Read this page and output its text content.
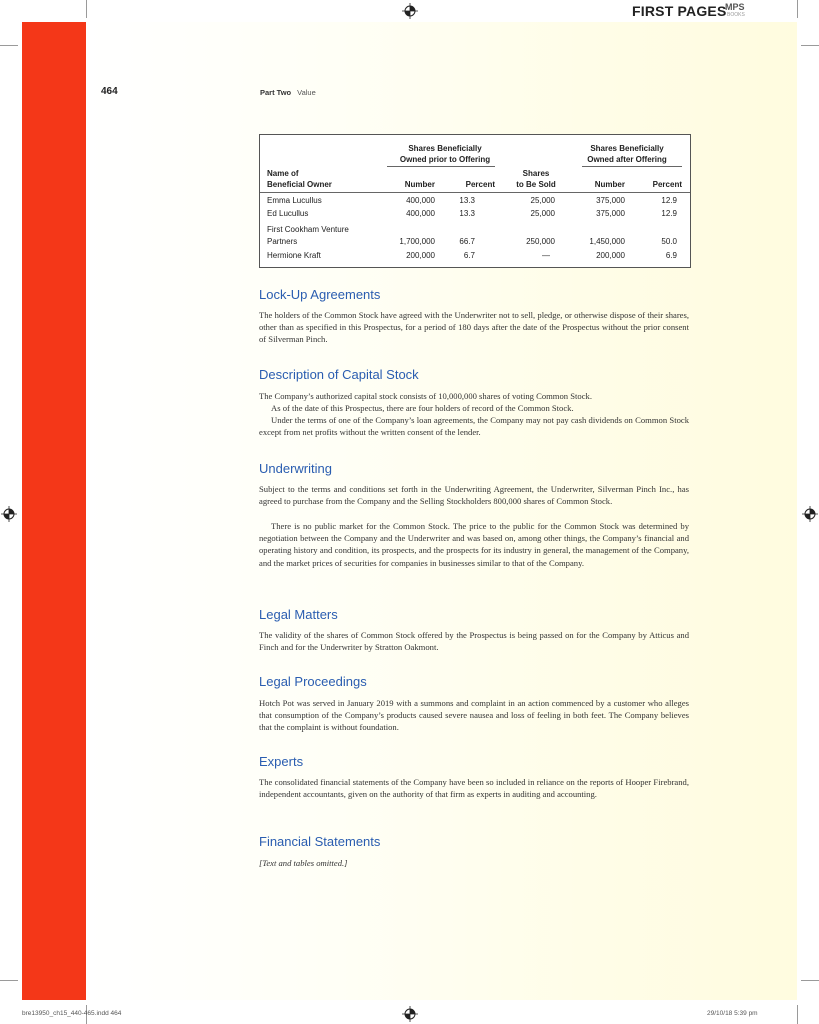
FIRST PAGES
MPS
BOOKS
464	Part Two Value
Shares Beneficially
Owned prior to Offering
Shares Beneficially
Owned after Offering
Name of
Beneficial Owner
Shares
to Be Sold
Number	Percent	Number	Percent
Emma Lucullus	400,000	13.3	25,000	375,000	12.9
Ed Lucullus	400,000	13.3	25,000	375,000	12.9
First Cookham Venture
Partners	1,700,000	66.7	250,000	1,450,000	50.0
Hermione Kraft	200,000	6.7	—	200,000	6.9
Lock-Up Agreements

The holders of the Common Stock have agreed with the Underwriter not to sell, pledge, or otherwise dispose of their shares, other than as specified in this Prospectus, for a period of 180 days after the date of the Prospectus without the prior consent of Silverman Pinch.

Description of Capital Stock

The Company’s authorized capital stock consists of 10,000,000 shares of voting Common Stock.

As of the date of this Prospectus, there are four holders of record of the Common Stock.

Under the terms of one of the Company’s loan agreements, the Company may not pay cash dividends on Common Stock except from net profits without the written consent of the lender.

Underwriting

Subject to the terms and conditions set forth in the Underwriting Agreement, the Underwriter, Silverman Pinch Inc., has agreed to purchase from the Company and the Selling Stockholders 800,000 shares of Common Stock.

There is no public market for the Common Stock. The price to the public for the Common Stock was determined by negotiation between the Company and the Underwriter and was based on, among other things, the Company’s financial and operating history and condition, its prospects, and the prospects for its industry in general, the management of the Company, and the market prices of securities for companies in businesses similar to that of the Company.

Legal Matters

The validity of the shares of Common Stock offered by the Prospectus is being passed on for the Company by Atticus and Finch and for the Underwriter by Stratton Oakmont.

Legal Proceedings

Hotch Pot was served in January 2019 with a summons and complaint in an action commenced by a customer who alleges that consumption of the Company’s products caused severe nausea and loss of feeling in both feet. The Company believes that the complaint is without foundation.

Experts

The consolidated financial statements of the Company have been so included in reliance on the reports of Hooper Firebrand, independent accountants, given on the authority of that firm as experts in auditing and accounting.

Financial Statements

[Text and tables omitted.]

bre13950_ch15_440-465.indd 464	29/10/18 5:39 pm
